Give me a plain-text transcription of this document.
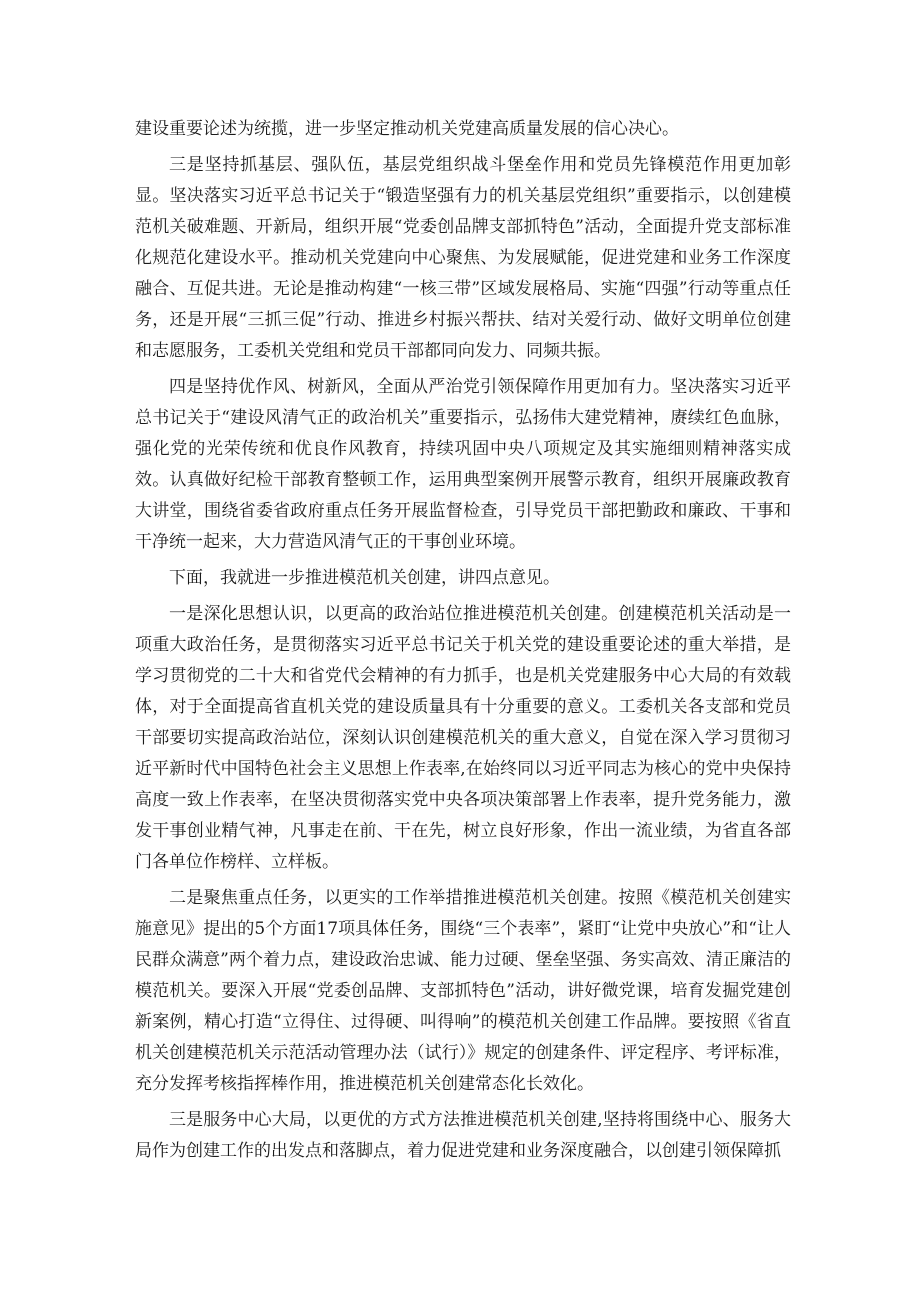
建设重要论述为统揽，进一步坚定推动机关党建高质量发展的信心决心。

三是坚持抓基层、强队伍，基层党组织战斗堡垒作用和党员先锋模范作用更加彰显。坚决落实习近平总书记关于“锻造坚强有力的机关基层党组织”重要指示，以创建模范机关破难题、开新局，组织开展“党委创品牌支部抓特色”活动，全面提升党支部标准化规范化建设水平。推动机关党建向中心聚焦、为发展赋能，促进党建和业务工作深度融合、互促共进。无论是推动构建“一核三带”区域发展格局、实施“四强”行动等重点任务，还是开展“三抓三促”行动、推进乡村振兴帮扶、结对关爱行动、做好文明单位创建和志愿服务，工委机关党组和党员干部都同向发力、同频共振。

四是坚持优作风、树新风，全面从严治党引领保障作用更加有力。坚决落实习近平总书记关于“建设风清气正的政治机关”重要指示，弘扬伟大建党精神，赓续红色血脉，强化党的光荣传统和优良作风教育，持续巩固中央八项规定及其实施细则精神落实成效。认真做好纪检干部教育整顿工作，运用典型案例开展警示教育，组织开展廉政教育大讲堂，围绕省委省政府重点任务开展监督检查，引导党员干部把勤政和廉政、干事和干净统一起来，大力营造风清气正的干事创业环境。

下面，我就进一步推进模范机关创建，讲四点意见。

一是深化思想认识，以更高的政治站位推进模范机关创建。创建模范机关活动是一项重大政治任务，是贯彻落实习近平总书记关于机关党的建设重要论述的重大举措，是学习贯彻党的二十大和省党代会精神的有力抓手，也是机关党建服务中心大局的有效载体，对于全面提高省直机关党的建设质量具有十分重要的意义。工委机关各支部和党员干部要切实提高政治站位，深刻认识创建模范机关的重大意义，自觉在深入学习贯彻习近平新时代中国特色社会主义思想上作表率,在始终同以习近平同志为核心的党中央保持高度一致上作表率，在坚决贯彻落实党中央各项决策部署上作表率，提升党务能力，激发干事创业精气神，凡事走在前、干在先，树立良好形象，作出一流业绩，为省直各部门各单位作榜样、立样板。

二是聚焦重点任务，以更实的工作举措推进模范机关创建。按照《模范机关创建实施意见》提出的5个方面17项具体任务，围绕“三个表率”，紧盯“让党中央放心”和“让人民群众满意”两个着力点，建设政治忠诚、能力过硬、堡垒坚强、务实高效、清正廉洁的模范机关。要深入开展“党委创品牌、支部抓特色”活动，讲好微党课，培育发掘党建创新案例，精心打造“立得住、过得硬、叫得响”的模范机关创建工作品牌。要按照《省直机关创建模范机关示范活动管理办法（试行）》规定的创建条件、评定程序、考评标准，充分发挥考核指挥棒作用，推进模范机关创建常态化长效化。

三是服务中心大局，以更优的方式方法推进模范机关创建,坚持将围绕中心、服务大局作为创建工作的出发点和落脚点，着力促进党建和业务深度融合，以创建引领保障抓
